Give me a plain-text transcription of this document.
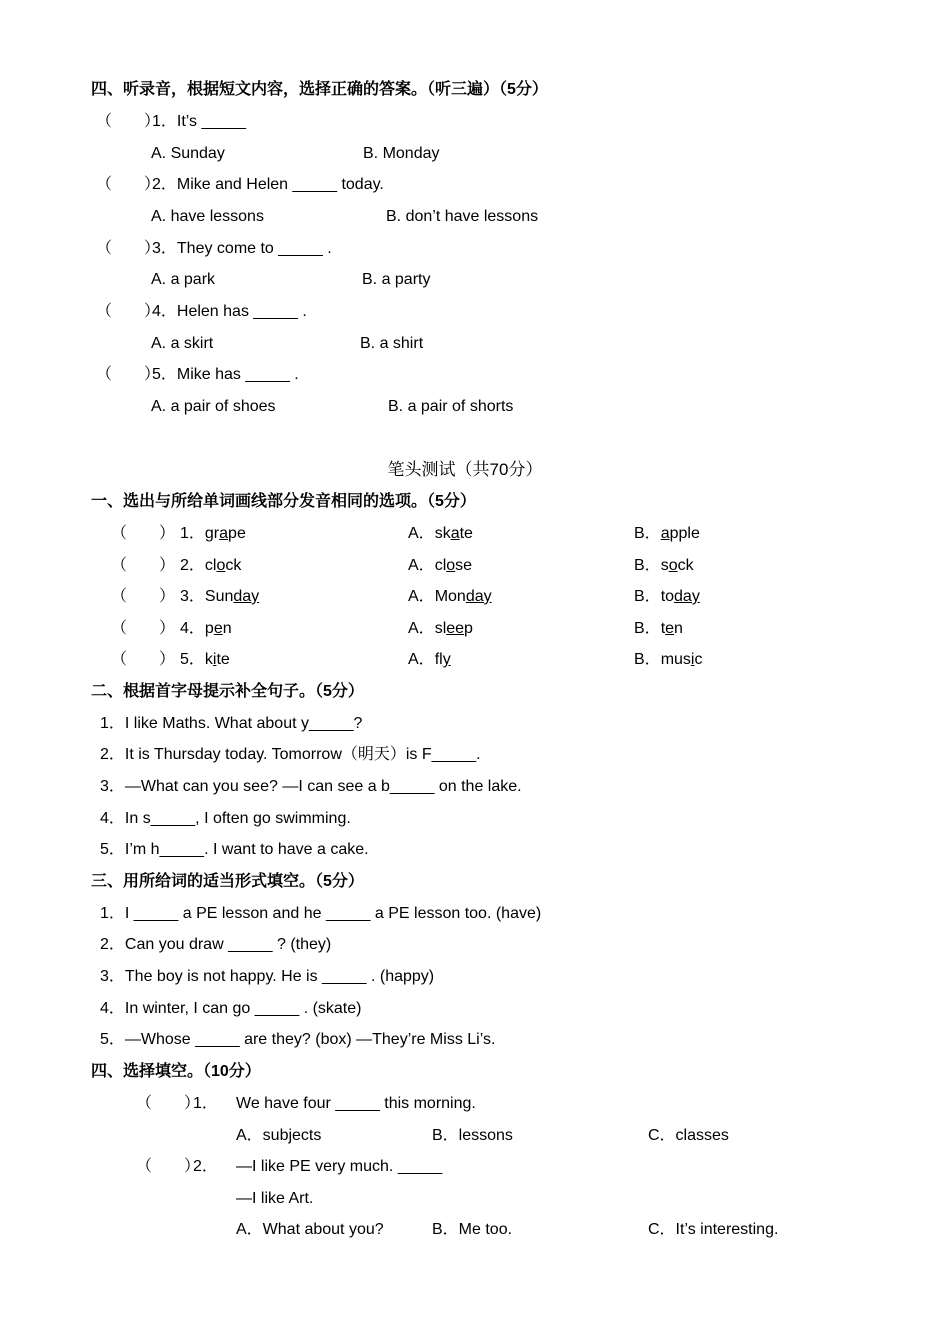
四、听录音，根据短文内容，选择正确的答案。（听三遍）（5分）
（　　）
1．It’s _____
A. Sunday	B. Monday
（　　）
2．Mike and Helen _____ today.
A. have lessons	B. don’t have lessons
（　　）
3．They come to _____ .
A. a park	B. a party
（　　）
4．Helen has _____ .
A. a skirt	B. a shirt
（　　）
5．Mike has _____ .
A. a pair of shoes	B. a pair of shorts
笔头测试（共70分）
一、选出与所给单词画线部分发音相同的选项。（5分）
（　　） 1．grape	A．skate	B．apple
（　　） 2．clock	A．close	B．sock
（　　） 3．Sunday	A．Monday	B．today
（　　） 4．pen	A．sleep	B．ten
（　　） 5．kite	A．fly	B．music
二、根据首字母提示补全句子。（5分）
1．I like Maths. What about y_____?
2．It is Thursday today. Tomorrow（明天）is F_____.
3．—What can you see? —I can see a b_____ on the lake.
4．In s_____, I often go swimming.
5．I’m h_____. I want to have a cake.
三、用所给词的适当形式填空。（5分）
1．I _____ a PE lesson and he _____ a PE lesson too. (have)
2．Can you draw _____ ? (they)
3．The boy is not happy. He is _____ . (happy)
4．In winter, I can go _____ . (skate)
5．—Whose _____ are they? (box) —They’re Miss Li’s.
四、选择填空。（10分）
（　　）
1． We have four _____ this morning.
A．subjects	B．lessons	C．classes
（　　）
2． —I like PE very much. _____
—I like Art.
A．What about you?	B．Me too.	C．It’s interesting.
